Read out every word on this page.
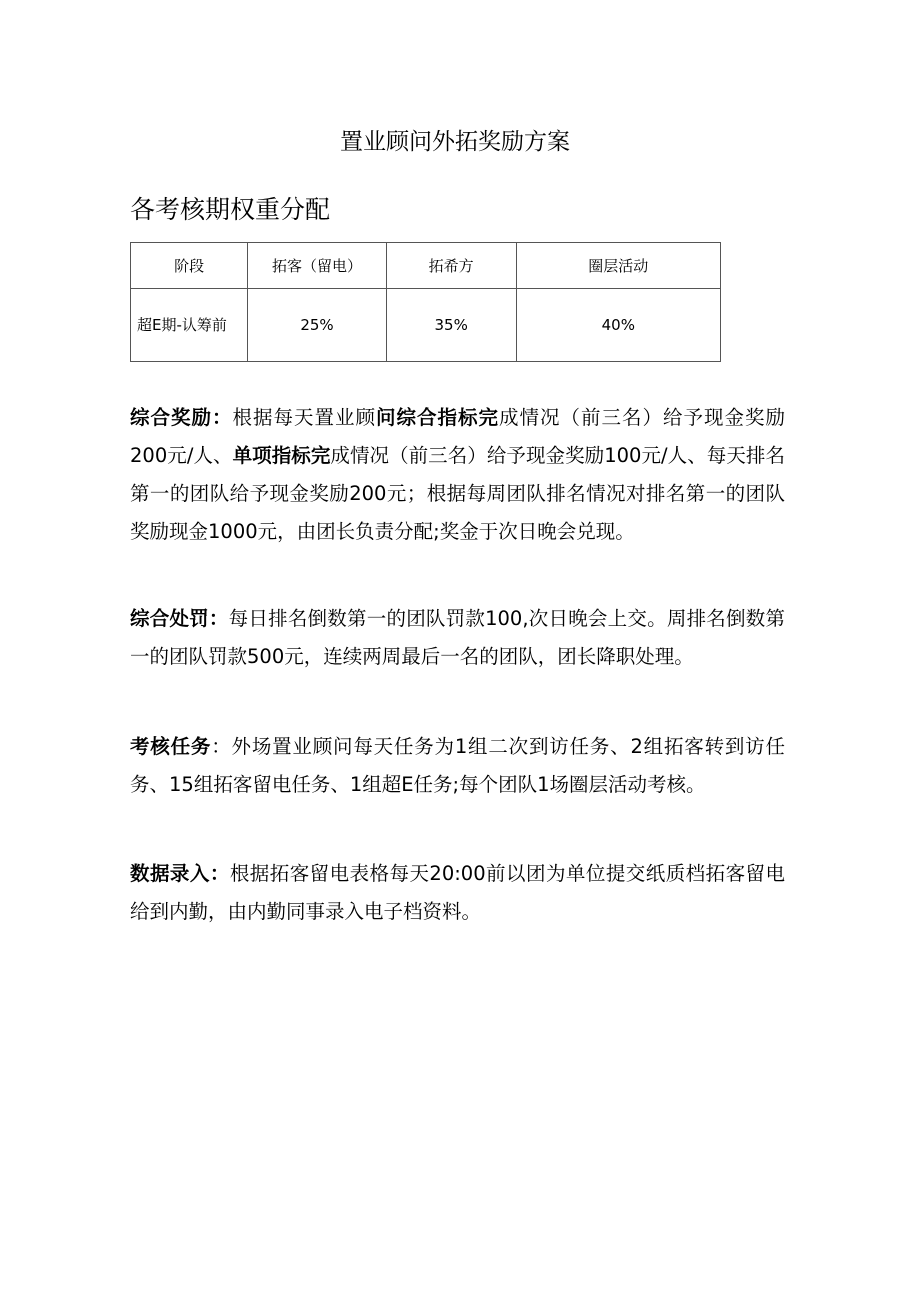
置业顾问外拓奖励方案
各考核期权重分配
阶段	拓客（留电）	拓希方	圈层活动
超E期-认筹前	25%	35%	40%

综合奖励：根据每天置业顾问综合指标完成情况（前三名）给予现金奖励200元/人、单项指标完成情况（前三名）给予现金奖励100元/人、每天排名第一的团队给予现金奖励200元；根据每周团队排名情况对排名第一的团队奖励现金1000元，由团长负责分配;奖金于次日晚会兑现。

综合处罚：每日排名倒数第一的团队罚款100,次日晚会上交。周排名倒数第一的团队罚款500元，连续两周最后一名的团队，团长降职处理。

考核任务：外场置业顾问每天任务为1组二次到访任务、2组拓客转到访任务、15组拓客留电任务、1组超E任务;每个团队1场圈层活动考核。

数据录入：根据拓客留电表格每天20:00前以团为单位提交纸质档拓客留电给到内勤，由内勤同事录入电子档资料。
